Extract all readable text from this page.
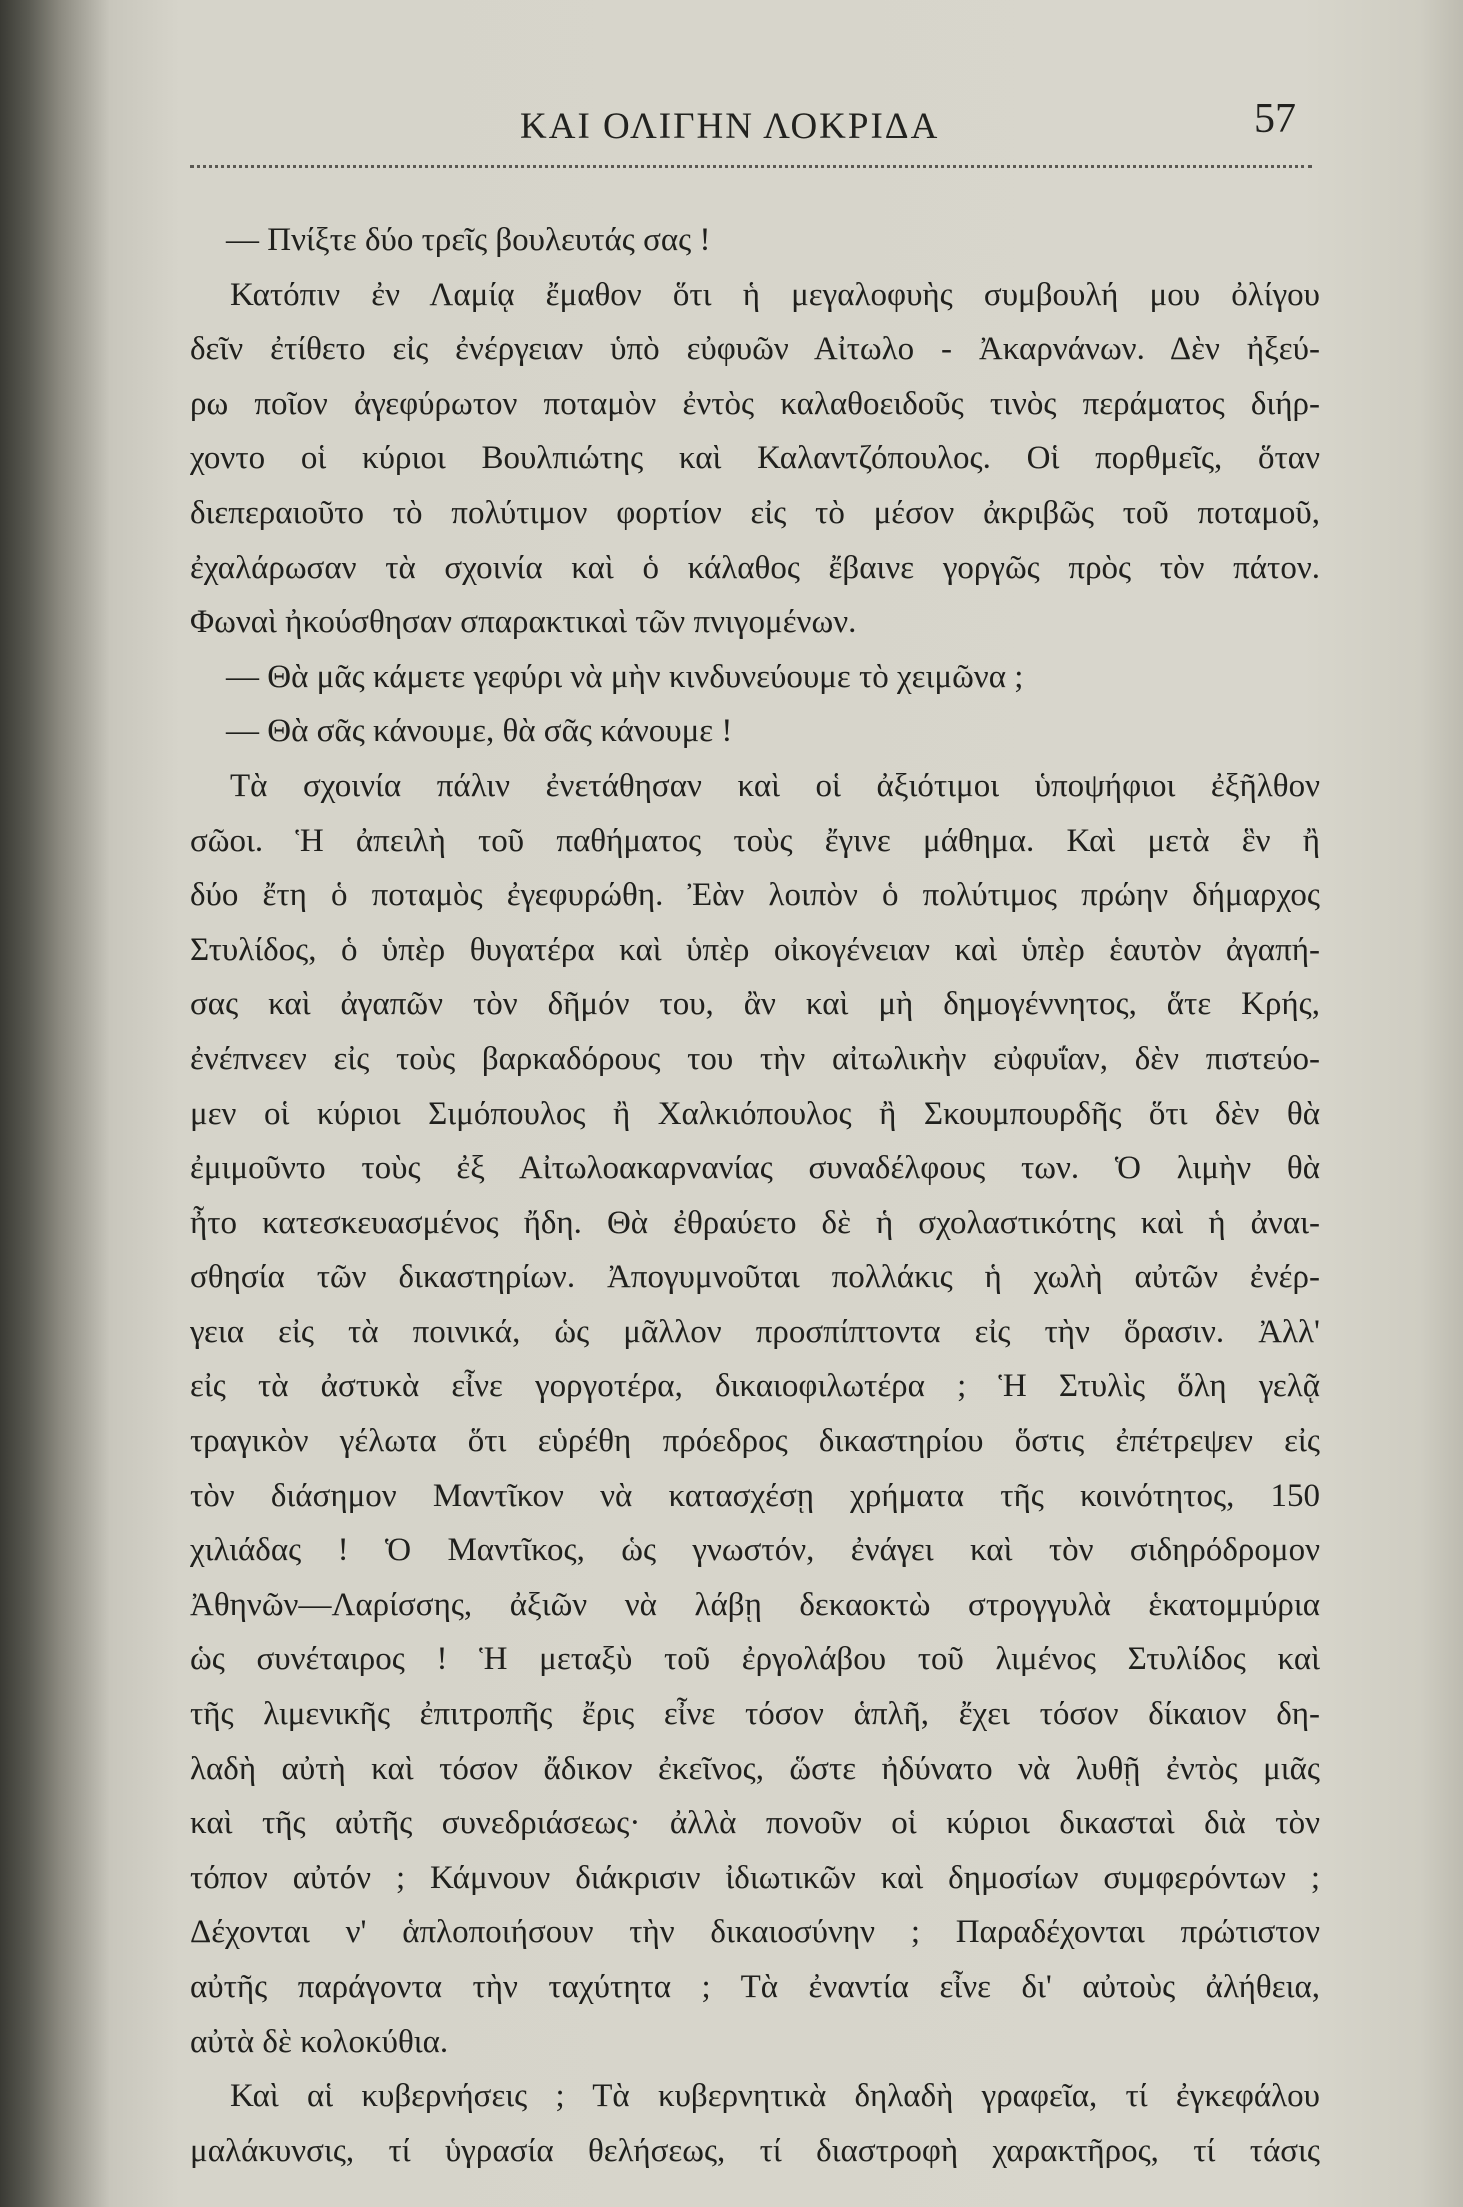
ΚΑΙ ΟΛΙΓΗΝ ΛΟΚΡΙΔΑ	57
— Πνίξτε δύο τρεῖς βουλευτάς σας !
Κατόπιν ἐν Λαμίᾳ ἔμαθον ὅτι ἡ μεγαλοφυὴς συμβουλή μου ὀλίγου
δεῖν ἐτίθετο εἰς ἐνέργειαν ὑπὸ εὐφυῶν Αἰτωλο - Ἀκαρνάνων. Δὲν ἠξεύ-
ρω ποῖον ἀγεφύρωτον ποταμὸν ἐντὸς καλαθοειδοῦς τινὸς περάματος διήρ-
χοντο οἱ κύριοι Βουλπιώτης καὶ Καλαντζόπουλος. Οἱ πορθμεῖς, ὅταν
διεπεραιοῦτο τὸ πολύτιμον φορτίον εἰς τὸ μέσον ἀκριβῶς τοῦ ποταμοῦ,
ἐχαλάρωσαν τὰ σχοινία καὶ ὁ κάλαθος ἔβαινε γοργῶς πρὸς τὸν πάτον.
Φωναὶ ἠκούσθησαν σπαρακτικαὶ τῶν πνιγομένων.
— Θὰ μᾶς κάμετε γεφύρι νὰ μὴν κινδυνεύουμε τὸ χειμῶνα ;
— Θὰ σᾶς κάνουμε, θὰ σᾶς κάνουμε !
Τὰ σχοινία πάλιν ἐνετάθησαν καὶ οἱ ἀξιότιμοι ὑποψήφιοι ἐξῆλθον
σῶοι. Ἡ ἀπειλὴ τοῦ παθήματος τοὺς ἔγινε μάθημα. Καὶ μετὰ ἓν ἢ
δύο ἔτη ὁ ποταμὸς ἐγεφυρώθη. Ἐὰν λοιπὸν ὁ πολύτιμος πρώην δήμαρχος
Στυλίδος, ὁ ὑπὲρ θυγατέρα καὶ ὑπὲρ οἰκογένειαν καὶ ὑπὲρ ἑαυτὸν ἀγαπή-
σας καὶ ἀγαπῶν τὸν δῆμόν του, ἂν καὶ μὴ δημογέννητος, ἅτε Κρής,
ἐνέπνεεν εἰς τοὺς βαρκαδόρους του τὴν αἰτωλικὴν εὐφυΐαν, δὲν πιστεύο-
μεν οἱ κύριοι Σιμόπουλος ἢ Χαλκιόπουλος ἢ Σκουμπουρδῆς ὅτι δὲν θὰ
ἐμιμοῦντο τοὺς ἐξ Αἰτωλοακαρνανίας συναδέλφους των. Ὁ λιμὴν θὰ
ἦτο κατεσκευασμένος ἤδη. Θὰ ἐθραύετο δὲ ἡ σχολαστικότης καὶ ἡ ἀναι-
σθησία τῶν δικαστηρίων. Ἀπογυμνοῦται πολλάκις ἡ χωλὴ αὐτῶν ἐνέρ-
γεια εἰς τὰ ποινικά, ὡς μᾶλλον προσπίπτοντα εἰς τὴν ὅρασιν. Ἀλλ'
εἰς τὰ ἀστυκὰ εἶνε γοργοτέρα, δικαιοφιλωτέρα ; Ἡ Στυλὶς ὅλη γελᾷ
τραγικὸν γέλωτα ὅτι εὑρέθη πρόεδρος δικαστηρίου ὅστις ἐπέτρεψεν εἰς
τὸν διάσημον Μαντῖκον νὰ κατασχέσῃ χρήματα τῆς κοινότητος, 150
χιλιάδας ! Ὁ Μαντῖκος, ὡς γνωστόν, ἐνάγει καὶ τὸν σιδηρόδρομον
Ἀθηνῶν—Λαρίσσης, ἀξιῶν νὰ λάβῃ δεκαοκτὼ στρογγυλὰ ἑκατομμύρια
ὡς συνέταιρος ! Ἡ μεταξὺ τοῦ ἐργολάβου τοῦ λιμένος Στυλίδος καὶ
τῆς λιμενικῆς ἐπιτροπῆς ἔρις εἶνε τόσον ἁπλῆ, ἔχει τόσον δίκαιον δη-
λαδὴ αὐτὴ καὶ τόσον ἄδικον ἐκεῖνος, ὥστε ἠδύνατο νὰ λυθῇ ἐντὸς μιᾶς
καὶ τῆς αὐτῆς συνεδριάσεως· ἀλλὰ πονοῦν οἱ κύριοι δικασταὶ διὰ τὸν
τόπον αὐτόν ; Κάμνουν διάκρισιν ἰδιωτικῶν καὶ δημοσίων συμφερόντων ;
Δέχονται ν' ἁπλοποιήσουν τὴν δικαιοσύνην ; Παραδέχονται πρώτιστον
αὐτῆς παράγοντα τὴν ταχύτητα ; Τὰ ἐναντία εἶνε δι' αὐτοὺς ἀλήθεια,
αὐτὰ δὲ κολοκύθια.
Καὶ αἱ κυβερνήσεις ; Τὰ κυβερνητικὰ δηλαδὴ γραφεῖα, τί ἐγκεφάλου
μαλάκυνσις, τί ὑγρασία θελήσεως, τί διαστροφὴ χαρακτῆρος, τί τάσις
